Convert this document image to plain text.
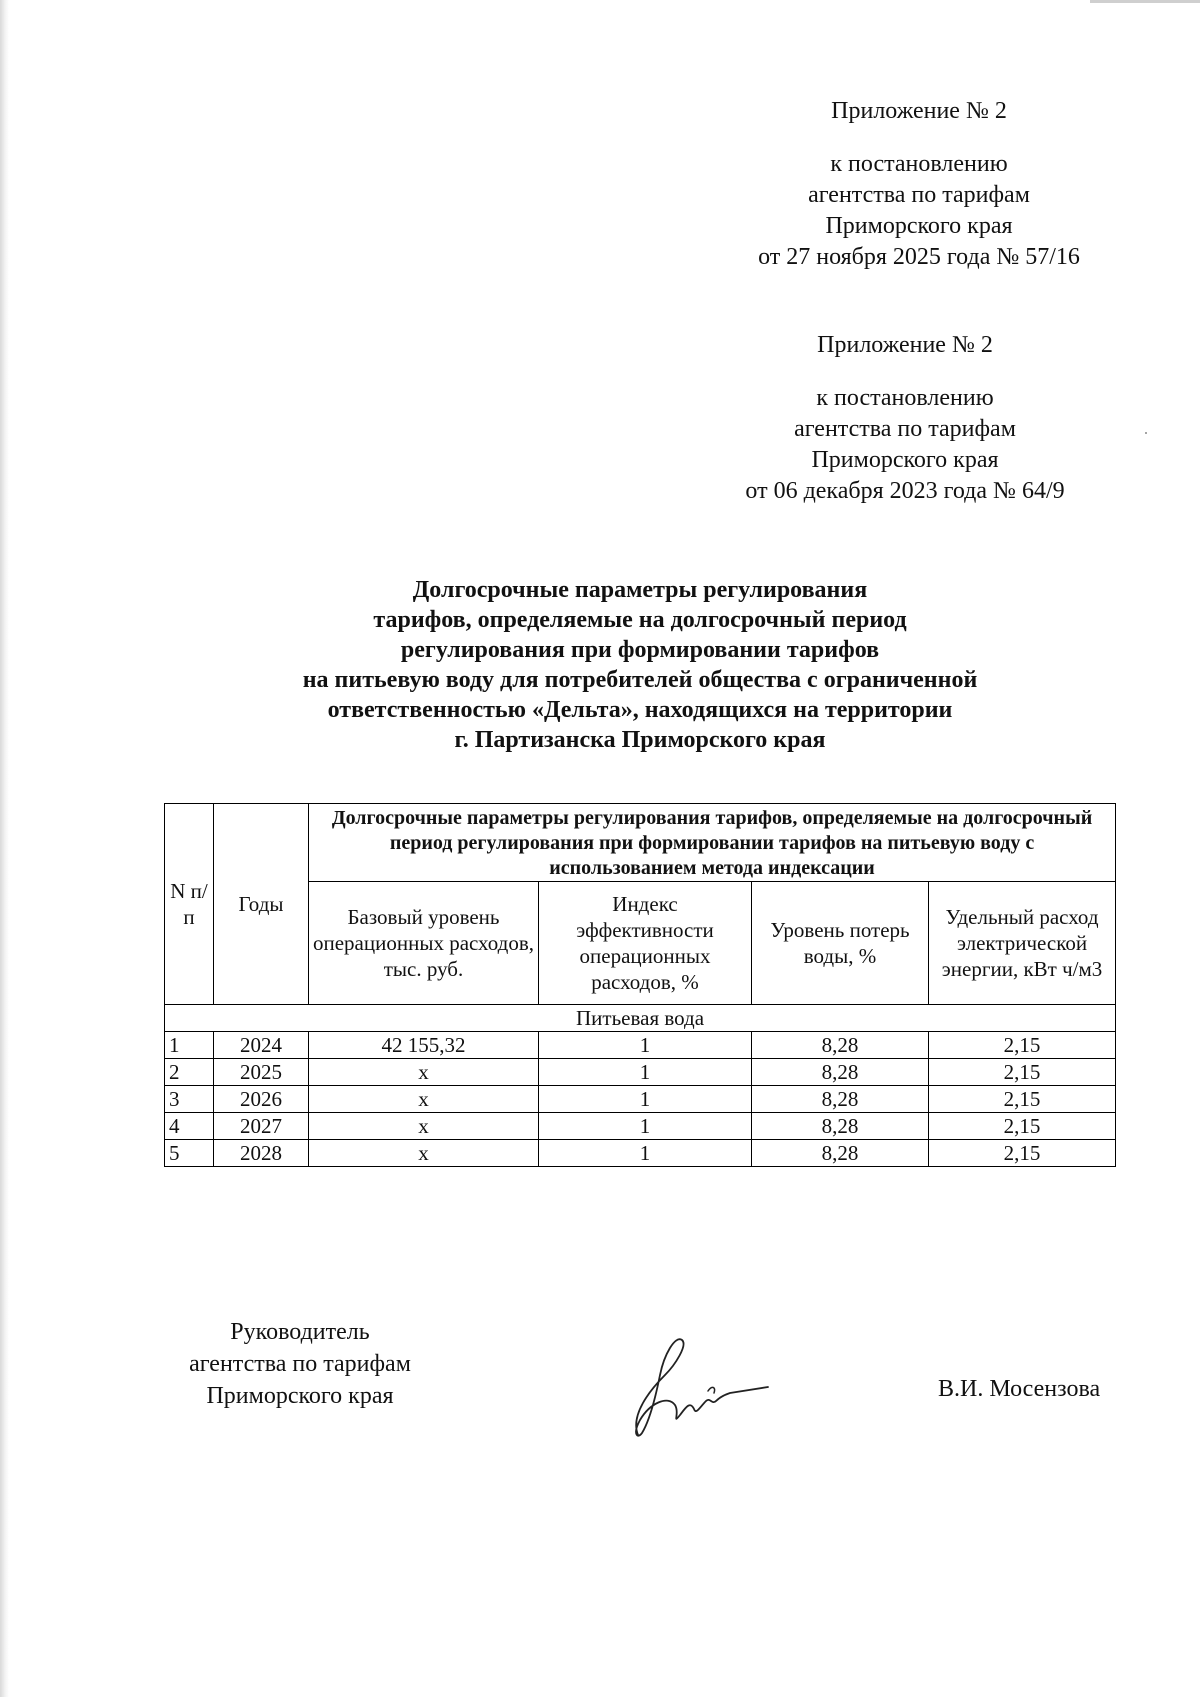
Приложение № 2

к постановлению

агентства по тарифам

Приморского края

от 27 ноября 2025 года № 57/16

Приложение № 2

к постановлению

агентства по тарифам

Приморского края

от 06 декабря 2023 года № 64/9

Долгосрочные параметры регулирования
тарифов, определяемые на долгосрочный период
регулирования при формировании тарифов
на питьевую воду для потребителей общества с ограниченной
ответственностью «Дельта», находящихся на территории
г. Партизанска Приморского края
N п/ п	Годы	Долгосрочные параметры регулирования тарифов, определяемые на долгосрочный период регулирования при формировании тарифов на питьевую воду с использованием метода индексации			
		Базовый уровень операционных расходов, тыс. руб.	Индекс эффективности операционных расходов, %	Уровень потерь воды, %	Удельный расход электрической энергии, кВт ч/м3
Питьевая вода					
1	2024	42 155,32	1	8,28	2,15
2	2025	х	1	8,28	2,15
3	2026	х	1	8,28	2,15
4	2027	х	1	8,28	2,15
5	2028	х	1	8,28	2,15

Руководитель

агентства по тарифам

Приморского края	В.И. Мосензова
